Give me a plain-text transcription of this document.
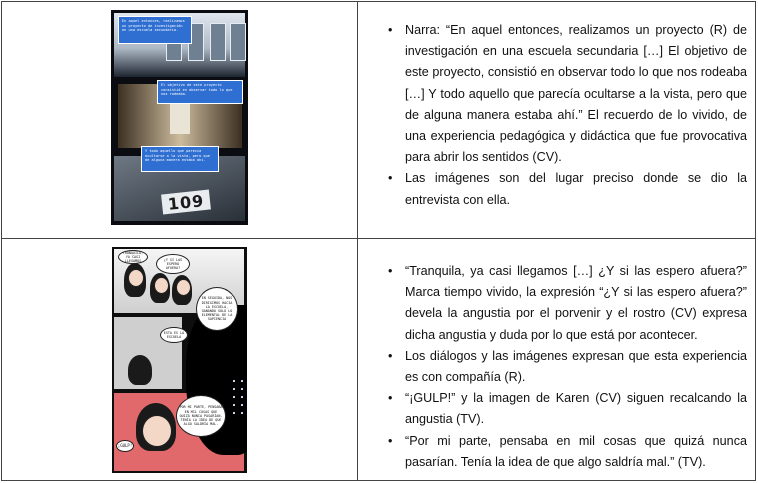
109
En aquel entonces, realizamos un proyecto de investigación en una escuela secundaria.
El objetivo de este proyecto consistió en observar todo lo que nos rodeaba.
Y todo aquello que parecía ocultarse a la vista, pero que de alguna manera estaba ahí.
• Narra: “En aquel entonces, realizamos un proyecto (R) de investigación en una escuela secundaria […] El objetivo de este proyecto, consistió en observar todo lo que nos rodeaba […] Y todo aquello que parecía ocultarse a la vista, pero que de alguna manera estaba ahí.” El recuerdo de lo vivido, de una experiencia pedagógica y didáctica que fue provocativa para abrir los sentidos (CV).
• Las imágenes son del lugar preciso donde se dio la entrevista con ella.
TRANQUILA, YA CASI LLEGAMOS	¿Y SI LAS ESPERO AFUERA?
EN SEGUIDA, NOS DIRIGIMOS HACIA LA ESCUELA, GANANDO SÓLO LO ELEMENTAL DE LA SAPIENCIA
ESTA ES LA ESCUELA
POR MI PARTE, PENSABA EN MIL COSAS QUE QUIZÁ NUNCA PASARÍAN. TENÍA LA IDEA DE QUE ALGO SALDRÍA MAL.
¡GULP!
• “Tranquila, ya casi llegamos […] ¿Y si las espero afuera?” Marca tiempo vivido, la expresión “¿Y si las espero afuera?” devela la angustia por el porvenir y el rostro (CV) expresa dicha angustia y duda por lo que está por acontecer.
• Los diálogos y las imágenes expresan que esta experiencia es con compañía (R).
• “¡GULP!” y la imagen de Karen (CV) siguen recalcando la angustia (TV).
• “Por mi parte, pensaba en mil cosas que quizá nunca pasarían. Tenía la idea de que algo saldría mal.” (TV).
